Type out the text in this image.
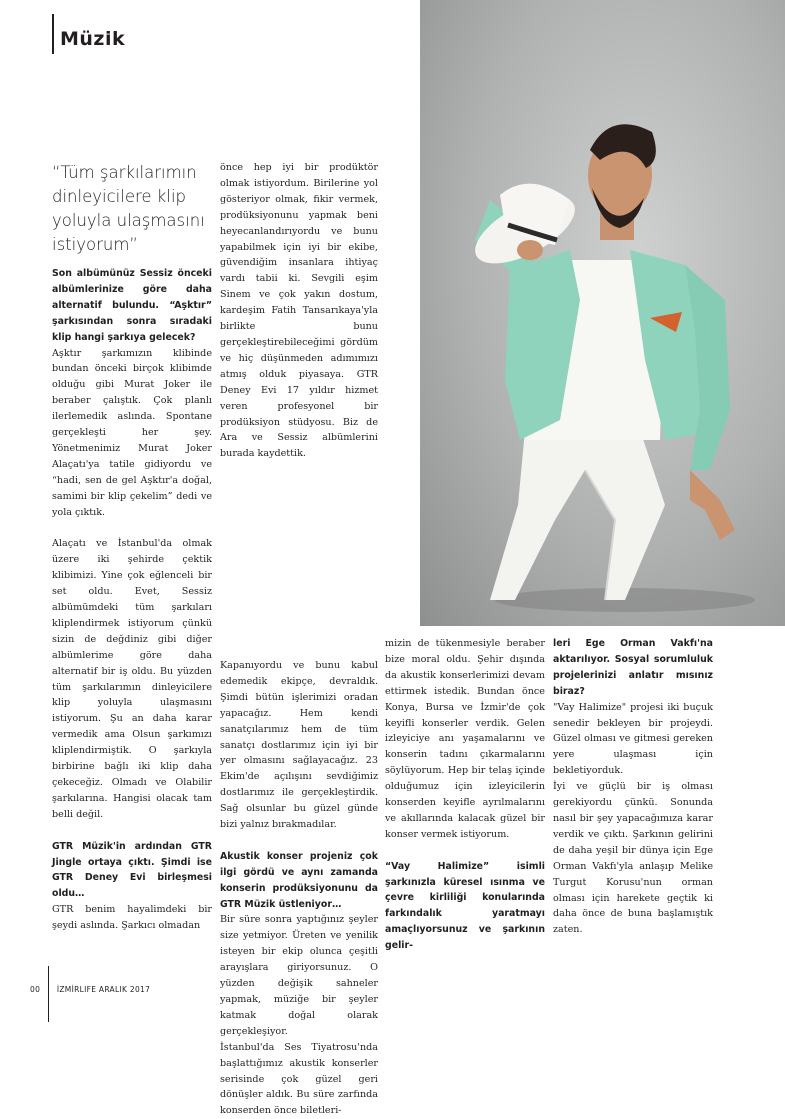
Müzik

“Tüm şarkılarımın dinleyicilere klip yoluyla ulaşmasını istiyorum”

Son albümünüz Sessiz önceki albümlerinize göre daha alternatif bulundu. “Aşktır” şarkısından sonra sıradaki klip hangi şarkıya gelecek?

Aşktır şarkımızın klibinde bundan önceki birçok klibimde olduğu gibi Murat Joker ile beraber çalıştık. Çok planlı ilerlemedik aslında. Spontane gerçekleşti her şey. Yönetmenimiz Murat Joker Alaçatı'ya tatile gidiyordu ve “hadi, sen de gel Aşktır'a doğal, samimi bir klip çekelim” dedi ve yola çıktık.

Alaçatı ve İstanbul'da olmak üzere iki şehirde çektik klibimizi. Yine çok eğlenceli bir set oldu. Evet, Sessiz albümümdeki tüm şarkıları kliplendirmek istiyorum çünkü sizin de değdiniz gibi diğer albümlerime göre daha alternatif bir iş oldu. Bu yüzden tüm şarkılarımın dinleyicilere klip yoluyla ulaşmasını istiyorum. Şu an daha karar vermedik ama Olsun şarkımızı kliplendirmiştik. O şarkıyla birbirine bağlı iki klip daha çekeceğiz. Olmadı ve Olabilir şarkılarına. Hangisi olacak tam belli değil.

GTR Müzik'in ardından GTR Jingle ortaya çıktı. Şimdi ise GTR Deney Evi birleşmesi oldu…

GTR benim hayalimdeki bir şeydi aslında. Şarkıcı olmadan

önce hep iyi bir prodüktör olmak istiyordum. Birilerine yol gösteriyor olmak, fikir vermek, prodüksiyonunu yapmak beni heyecanlandırıyordu ve bunu yapabilmek için iyi bir ekibe, güvendiğim insanlara ihtiyaç vardı tabii ki. Sevgili eşim Sinem ve çok yakın dostum, kardeşim Fatih Tansarıkaya'yla birlikte bunu gerçekleştirebileceğimi gördüm ve hiç düşünmeden adımımızı atmış olduk piyasaya. GTR Deney Evi 17 yıldır hizmet veren profesyonel bir prodüksiyon stüdyosu. Biz de Ara ve Sessiz albümlerini burada kaydettik.

Kapanıyordu ve bunu kabul edemedik ekipçe, devraldık. Şimdi bütün işlerimizi oradan yapacağız. Hem kendi sanatçılarımız hem de tüm sanatçı dostlarımız için iyi bir yer olmasını sağlayacağız. 23 Ekim'de açılışını sevdiğimiz dostlarımız ile gerçekleştirdik. Sağ olsunlar bu güzel günde bizi yalnız bırakmadılar.

Akustik konser projeniz çok ilgi gördü ve aynı zamanda konserin prodüksiyonunu da GTR Müzik üstleniyor…

Bir süre sonra yaptığınız şeyler size yetmiyor. Üreten ve yenilik isteyen bir ekip olunca çeşitli arayışlara giriyorsunuz. O yüzden değişik sahneler yapmak, müziğe bir şeyler katmak doğal olarak gerçekleşiyor.

İstanbul'da Ses Tiyatrosu'nda başlattığımız akustik konserler serisinde çok güzel geri dönüşler aldık. Bu süre zarfında konserden önce biletleri-

mizin de tükenmesiyle beraber bize moral oldu. Şehir dışında da akustik konserlerimizi devam ettirmek istedik. Bundan önce Konya, Bursa ve İzmir'de çok keyifli konserler verdik. Gelen izleyiciye anı yaşamalarını ve konserin tadını çıkarmalarını söylüyorum. Hep bir telaş içinde olduğumuz için izleyicilerin konserden keyifle ayrılmalarını ve akıllarında kalacak güzel bir konser vermek istiyorum.

“Vay Halimize” isimli şarkınızla küresel ısınma ve çevre kirliliği konularında farkındalık yaratmayı amaçlıyorsunuz ve şarkının gelir-

leri Ege Orman Vakfı'na aktarılıyor. Sosyal sorumluluk projelerinizi anlatır mısınız biraz?

"Vay Halimize" projesi iki buçuk senedir bekleyen bir projeydi. Güzel olması ve gitmesi gereken yere ulaşması için bekletiyorduk.

İyi ve güçlü bir iş olması gerekiyordu çünkü. Sonunda nasıl bir şey yapacağımıza karar verdik ve çıktı. Şarkının gelirini de daha yeşil bir dünya için Ege Orman Vakfı'yla anlaşıp Melike Turgut Korusu'nun orman olması için harekete geçtik ki daha önce de buna başlamıştık zaten.

00 İZMİRLIFE ARALIK 2017
